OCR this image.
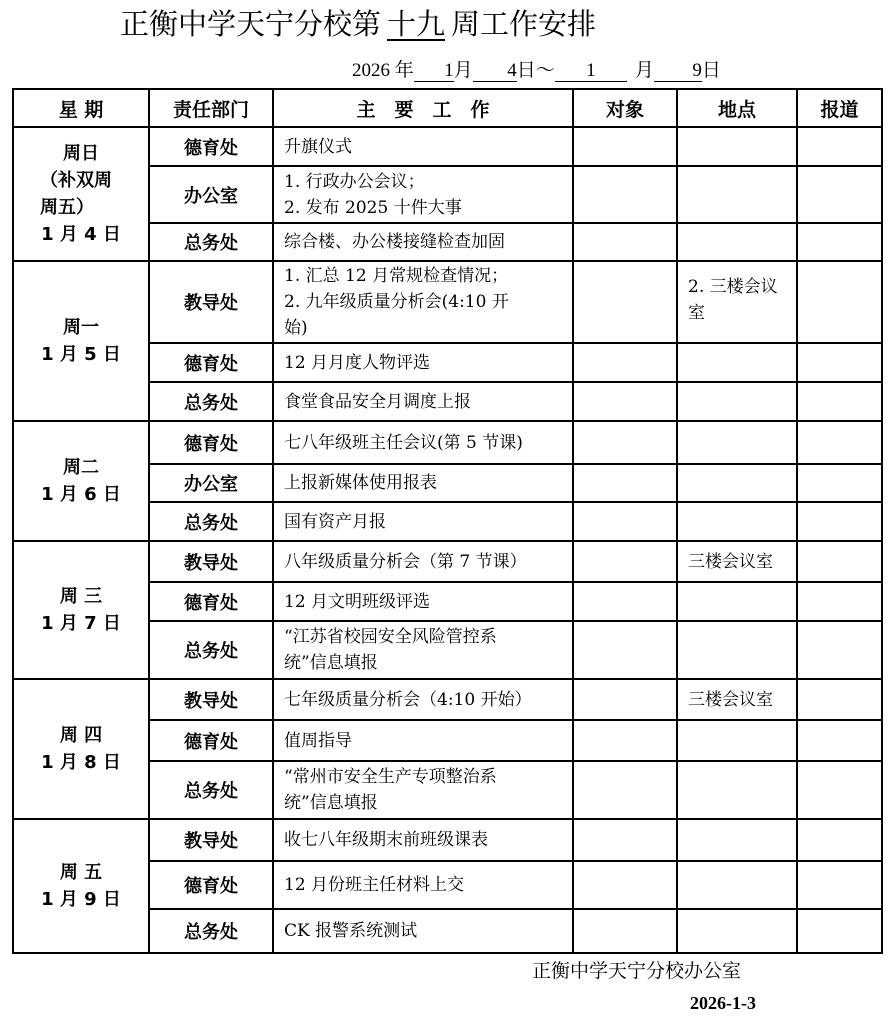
正衡中学天宁分校第 十九 周工作安排
2026 年 1月 4日～ 1 月 9日
星 期	责任部门	主　要　工　作	对象	地点	报道

周日
（补双周
周五）
1 月 4 日	德育处	升旗仪式			

	办公室	1. 行政办公会议；
2. 发布 2025 十件大事			

	总务处	综合楼、办公楼接缝检查加固			

周一
1 月 5 日	教导处	1. 汇总 12 月常规检查情况；
2. 九年级质量分析会(4:10 开
始)		2. 三楼会议室	
	德育处	12 月月度人物评选			

	总务处	食堂食品安全月调度上报			

周二
1 月 6 日	德育处	七八年级班主任会议(第 5 节课)			

	办公室	上报新媒体使用报表			

	总务处	国有资产月报			

周 三
1 月 7 日	教导处	八年级质量分析会（第 7 节课）		三楼会议室	
	德育处	12 月文明班级评选			

	总务处	“江苏省校园安全风险管控系
统”信息填报			

周 四
1 月 8 日	教导处	七年级质量分析会（4:10 开始）		三楼会议室	
	德育处	值周指导			

	总务处	“常州市安全生产专项整治系
统”信息填报			

周 五
1 月 9 日	教导处	收七八年级期末前班级课表			

	德育处	12 月份班主任材料上交			

	总务处	CK 报警系统测试			

正衡中学天宁分校办公室
2026-1-3
